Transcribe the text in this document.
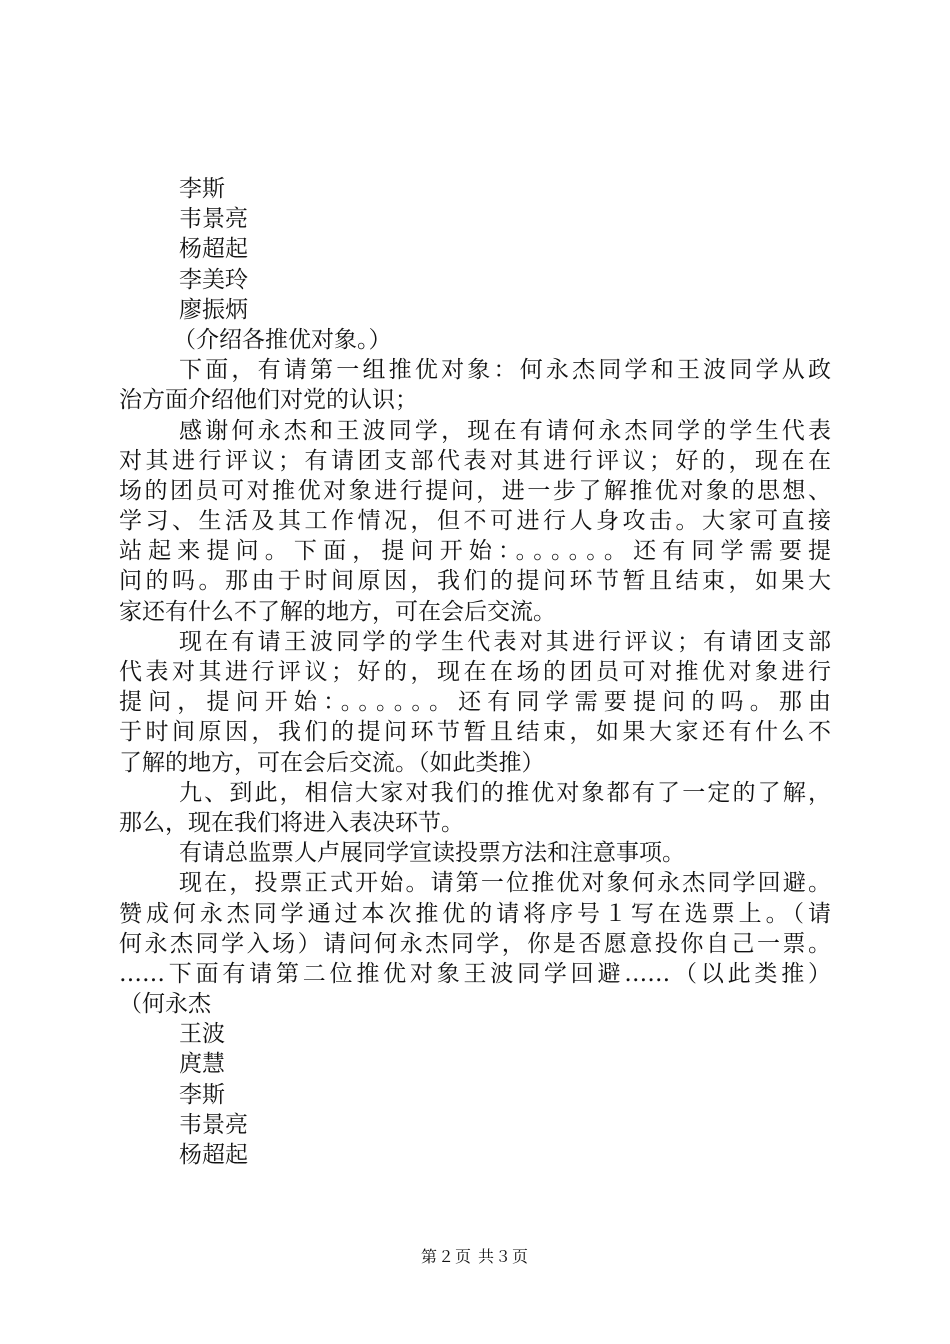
李斯
韦景亮
杨超起
李美玲
廖振炳
（介绍各推优对象。）
下面，有请第一组推优对象：何永杰同学和王波同学从政
治方面介绍他们对党的认识；
感谢何永杰和王波同学，现在有请何永杰同学的学生代表
对其进行评议；有请团支部代表对其进行评议；好的，现在在
场的团员可对推优对象进行提问，进一步了解推优对象的思想、
学习、生活及其工作情况，但不可进行人身攻击。大家可直接
站起来提问。下面，提问开始：。。。。。。还有同学需要提
问的吗。那由于时间原因，我们的提问环节暂且结束，如果大
家还有什么不了解的地方，可在会后交流。
现在有请王波同学的学生代表对其进行评议；有请团支部
代表对其进行评议；好的，现在在场的团员可对推优对象进行
提问，提问开始：。。。。。。还有同学需要提问的吗。那由
于时间原因，我们的提问环节暂且结束，如果大家还有什么不
了解的地方，可在会后交流。（如此类推）
九、到此，相信大家对我们的推优对象都有了一定的了解，
那么，现在我们将进入表决环节。
有请总监票人卢展同学宣读投票方法和注意事项。
现在，投票正式开始。请第一位推优对象何永杰同学回避。
赞成何永杰同学通过本次推优的请将序号１写在选票上。（请
何永杰同学入场）请问何永杰同学，你是否愿意投你自己一票。
……下面有请第二位推优对象王波同学回避……（以此类推）
（何永杰
王波
庹慧
李斯
韦景亮
杨超起
第２页 共３页
